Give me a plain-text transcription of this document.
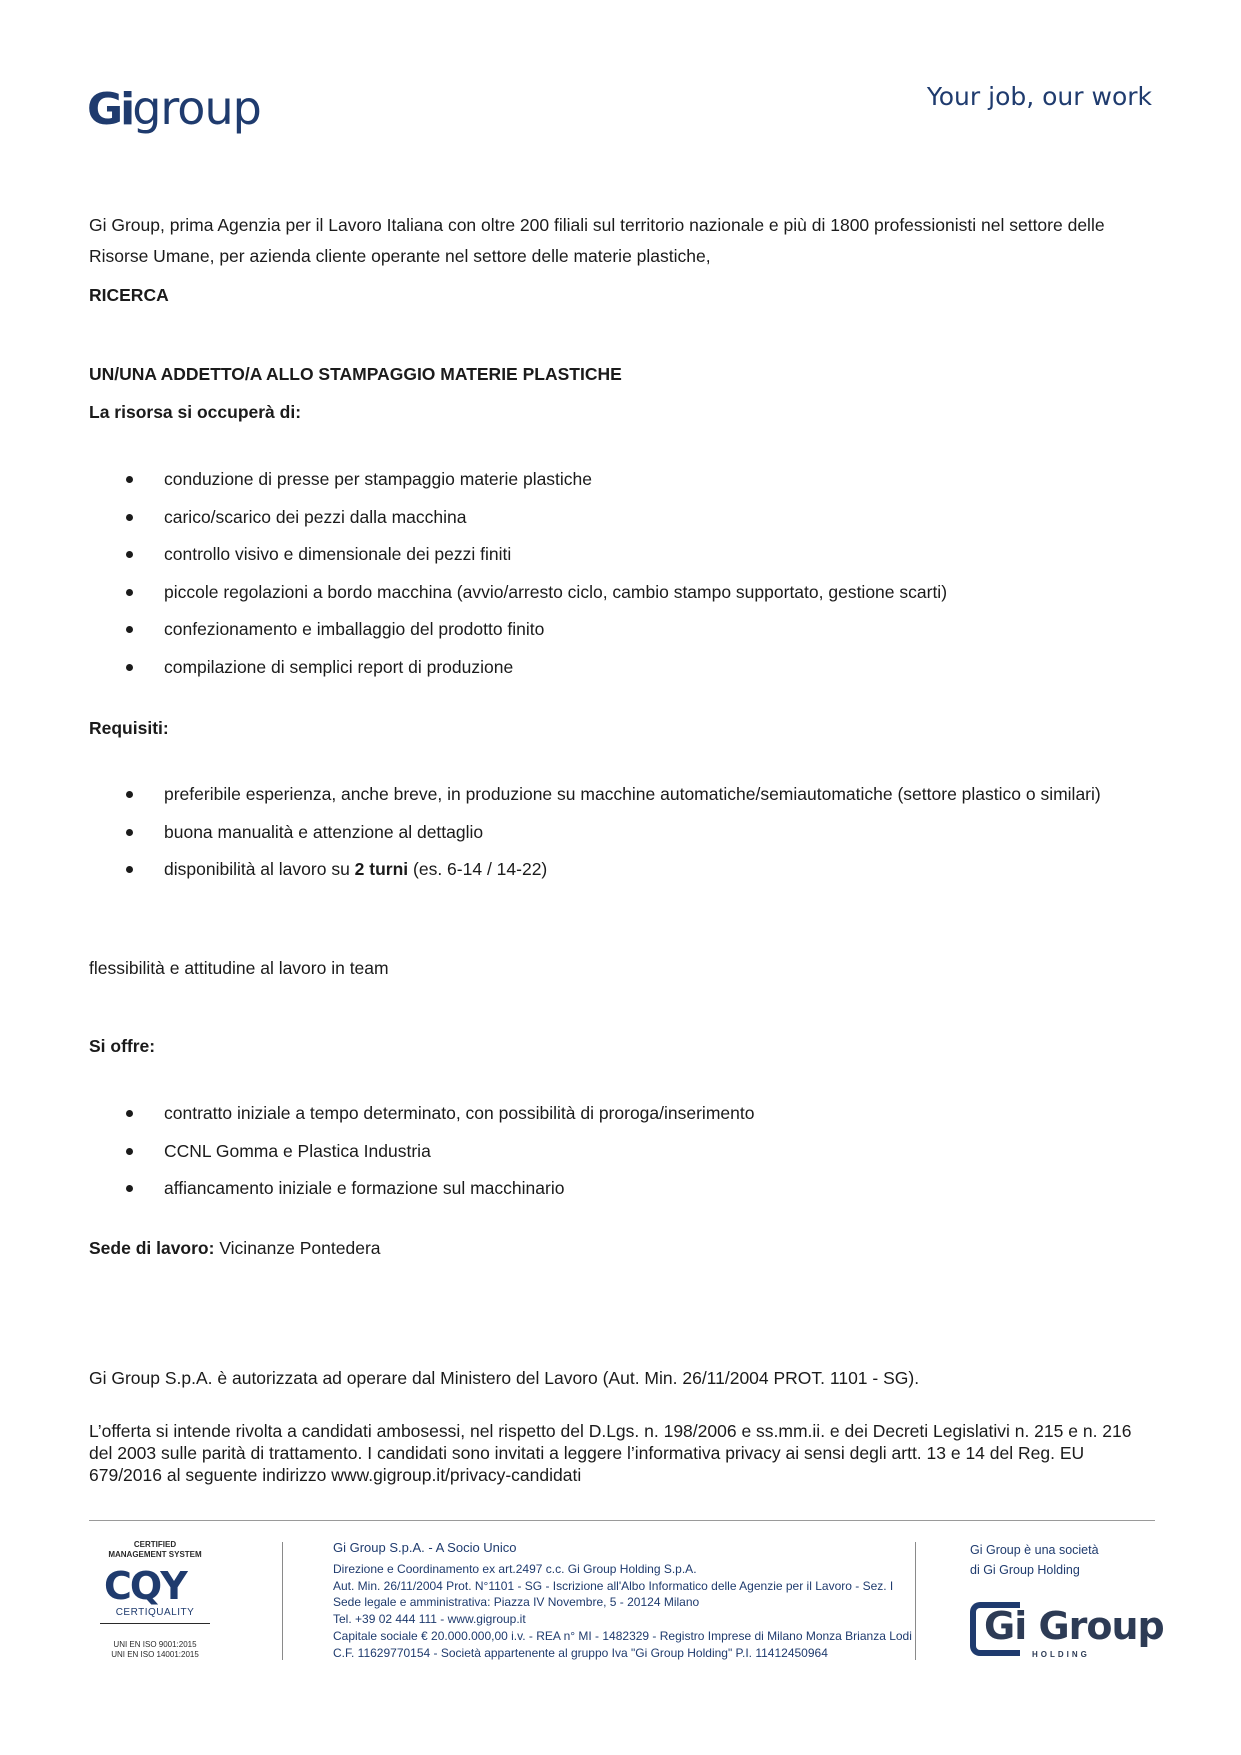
Gigroup	Your job, our work
Gi Group, prima Agenzia per il Lavoro Italiana con oltre 200 filiali sul territorio nazionale e più di 1800 professionisti nel settore delle Risorse Umane, per azienda cliente operante nel settore delle materie plastiche,
RICERCA
UN/UNA ADDETTO/A ALLO STAMPAGGIO MATERIE PLASTICHE
La risorsa si occuperà di:
conduzione di presse per stampaggio materie plastiche
carico/scarico dei pezzi dalla macchina
controllo visivo e dimensionale dei pezzi finiti
piccole regolazioni a bordo macchina (avvio/arresto ciclo, cambio stampo supportato, gestione scarti)
confezionamento e imballaggio del prodotto finito
compilazione di semplici report di produzione
Requisiti:
preferibile esperienza, anche breve, in produzione su macchine automatiche/semiautomatiche (settore plastico o similari)
buona manualità e attenzione al dettaglio
disponibilità al lavoro su 2 turni (es. 6-14 / 14-22)
flessibilità e attitudine al lavoro in team
Si offre:
contratto iniziale a tempo determinato, con possibilità di proroga/inserimento
CCNL Gomma e Plastica Industria
affiancamento iniziale e formazione sul macchinario
Sede di lavoro: Vicinanze Pontedera
Gi Group S.p.A. è autorizzata ad operare dal Ministero del Lavoro (Aut. Min. 26/11/2004 PROT. 1101 - SG).
L’offerta si intende rivolta a candidati ambosessi, nel rispetto del D.Lgs. n. 198/2006 e ss.mm.ii. e dei Decreti Legislativi n. 215 e n. 216 del 2003 sulle parità di trattamento. I candidati sono invitati a leggere l’informativa privacy ai sensi degli artt. 13 e 14 del Reg. EU 679/2016 al seguente indirizzo www.gigroup.it/privacy-candidati
CERTIFIED
MANAGEMENT SYSTEM
CQY
CERTIQUALITY
UNI EN ISO 9001:2015
UNI EN ISO 14001:2015
Gi Group S.p.A. - A Socio Unico
Direzione e Coordinamento ex art.2497 c.c. Gi Group Holding S.p.A.
Aut. Min. 26/11/2004 Prot. N°1101 - SG - Iscrizione all'Albo Informatico delle Agenzie per il Lavoro - Sez. I
Sede legale e amministrativa: Piazza IV Novembre, 5 - 20124 Milano
Tel. +39 02 444 111 - www.gigroup.it
Capitale sociale € 20.000.000,00 i.v. - REA n° MI - 1482329 - Registro Imprese di Milano Monza Brianza Lodi
C.F. 11629770154 - Società appartenente al gruppo Iva "Gi Group Holding" P.I. 11412450964
Gi Group è una società
di Gi Group Holding
Gi Group
HOLDING
